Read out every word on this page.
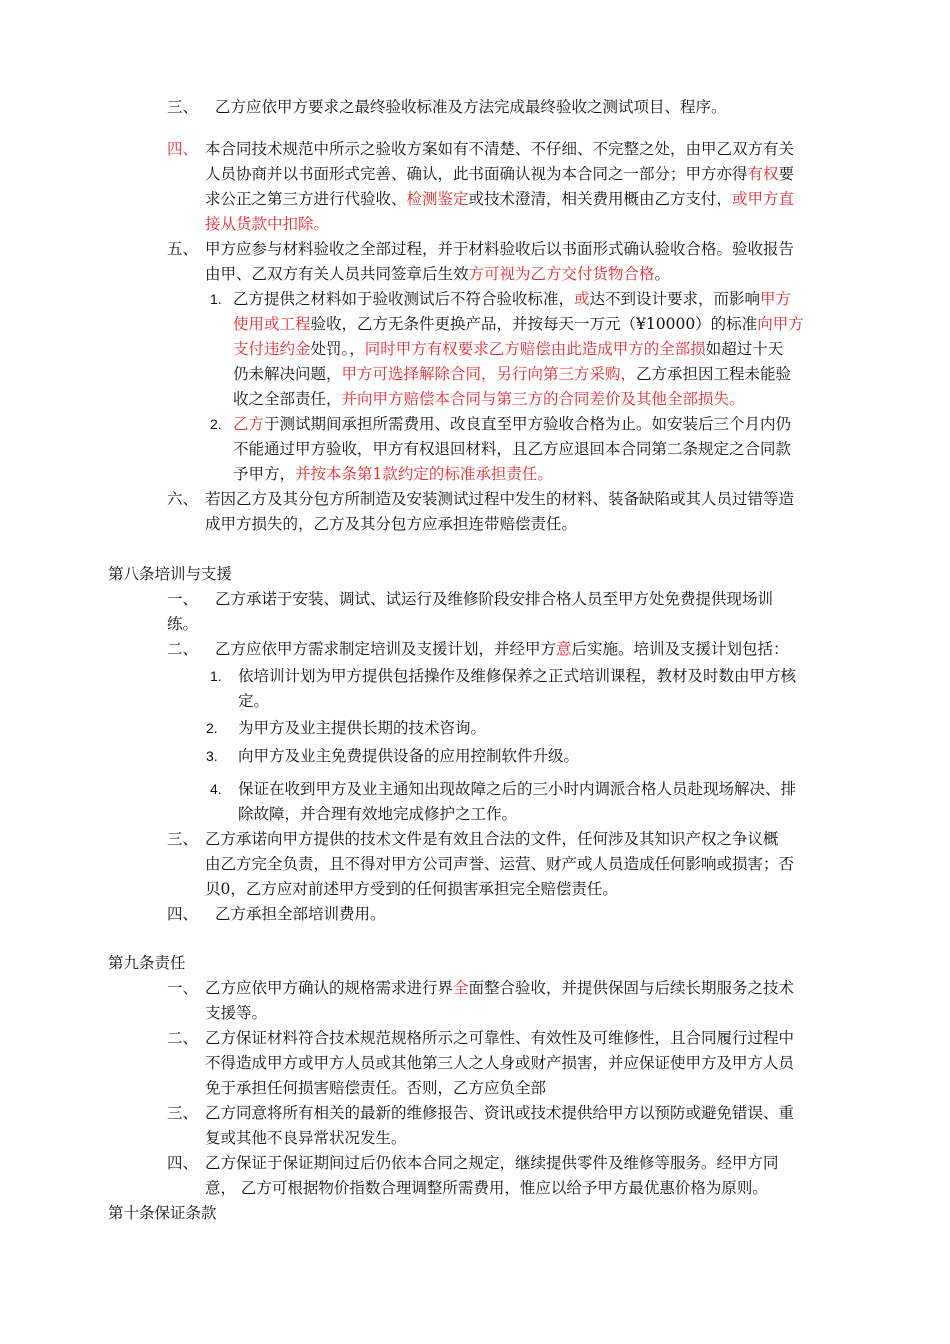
三、 乙方应依甲方要求之最终验收标准及方法完成最终验收之测试项目、程序。
四、 本合同技术规范中所示之验收方案如有不清楚、不仔细、不完整之处，由甲乙双方有关
人员协商并以书面形式完善、确认，此书面确认视为本合同之一部分；甲方亦得有权要
求公正之第三方进行代验收、检测鉴定或技术澄清，相关费用概由乙方支付，或甲方直
接从货款中扣除。
五、 甲方应参与材料验收之全部过程，并于材料验收后以书面形式确认验收合格。验收报告
由甲、乙双方有关人员共同签章后生效方可视为乙方交付货物合格。
1. 乙方提供之材料如于验收测试后不符合验收标准，或达不到设计要求，而影响甲方
使用或工程验收，乙方无条件更换产品，并按每天一万元（¥10000）的标准向甲方
支付违约金处罚。，同时甲方有权要求乙方赔偿由此造成甲方的全部损如超过十天
仍未解决问题，甲方可选择解除合同，另行向第三方采购，乙方承担因工程未能验
收之全部责任，并向甲方赔偿本合同与第三方的合同差价及其他全部损失。
2. 乙方于测试期间承担所需费用、改良直至甲方验收合格为止。如安装后三个月内仍
不能通过甲方验收，甲方有权退回材料，且乙方应退回本合同第二条规定之合同款
予甲方，并按本条第1款约定的标准承担责任。
六、 若因乙方及其分包方所制造及安装测试过程中发生的材料、装备缺陷或其人员过错等造
成甲方损失的，乙方及其分包方应承担连带赔偿责任。
第八条培训与支援
一、 乙方承诺于安装、调试、试运行及维修阶段安排合格人员至甲方处免费提供现场训
练。
二、 乙方应依甲方需求制定培训及支援计划，并经甲方意后实施。培训及支援计划包括：
1. 依培训计划为甲方提供包括操作及维修保养之正式培训课程，教材及时数由甲方核
定。
2. 为甲方及业主提供长期的技术咨询。
3. 向甲方及业主免费提供设备的应用控制软件升级。
4. 保证在收到甲方及业主通知出现故障之后的三小时内调派合格人员赴现场解决、排
除故障，并合理有效地完成修护之工作。
三、 乙方承诺向甲方提供的技术文件是有效且合法的文件，任何涉及其知识产权之争议概
由乙方完全负责，且不得对甲方公司声誉、运营、财产或人员造成任何影响或损害；否
贝0，乙方应对前述甲方受到的任何损害承担完全赔偿责任。
四、 乙方承担全部培训费用。
第九条责任
一、 乙方应依甲方确认的规格需求进行界全面整合验收，并提供保固与后续长期服务之技术
支援等。
二、 乙方保证材料符合技术规范规格所示之可靠性、有效性及可维修性，且合同履行过程中
不得造成甲方或甲方人员或其他第三人之人身或财产损害，并应保证使甲方及甲方人员
免于承担任何损害赔偿责任。否则，乙方应负全部
三、 乙方同意将所有相关的最新的维修报告、资讯或技术提供给甲方以预防或避免错误、重
复或其他不良异常状况发生。
四、 乙方保证于保证期间过后仍依本合同之规定，继续提供零件及维修等服务。经甲方同
意， 乙方可根据物价指数合理调整所需费用，惟应以给予甲方最优惠价格为原则。
第十条保证条款
